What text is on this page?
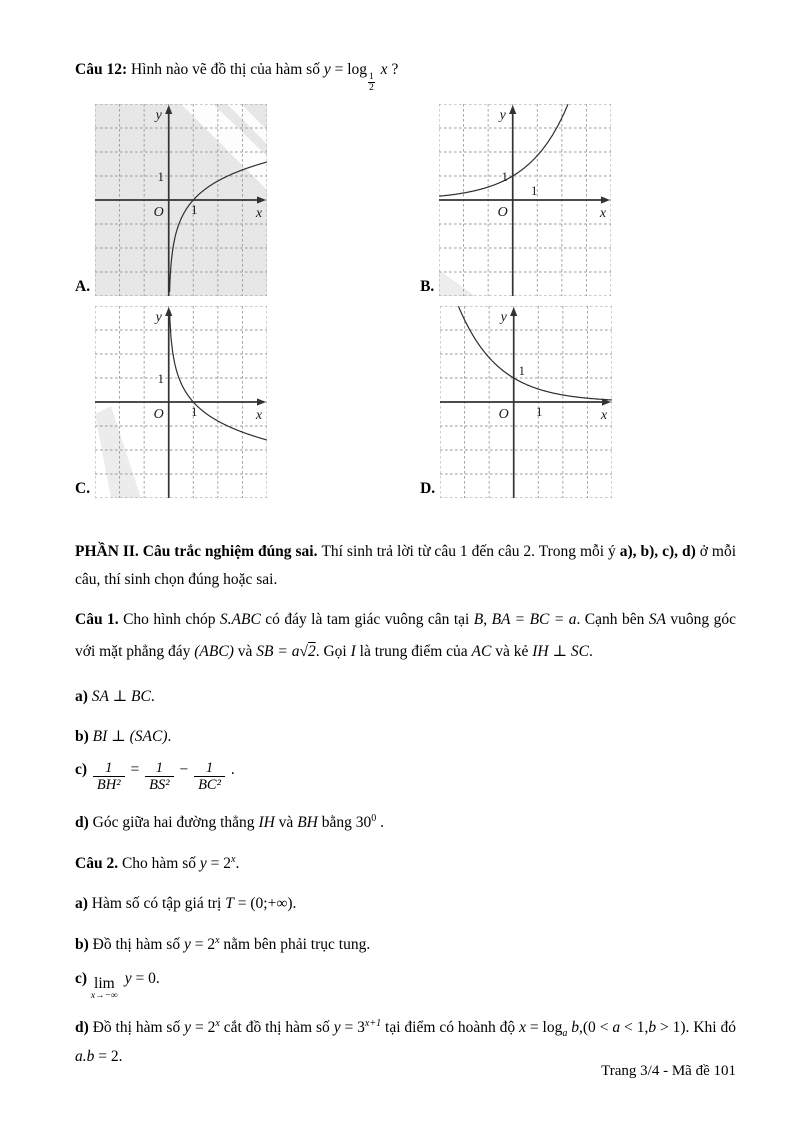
Câu 12: Hình nào vẽ đồ thị của hàm số y = log
$\frac{1}{2}$
x ?

A.
y
x
O 1
1
B.
y
x
O
1
1
C.
y
x
O 1
1
D.
y
x
O 1
1

PHẦN II. Câu trắc nghiệm đúng sai. Thí sinh trả lời từ câu 1 đến câu 2. Trong mỗi ý a), b), c), d) ở mỗi câu, thí sinh chọn đúng hoặc sai.

Câu 1. Cho hình chóp S.ABC có đáy là tam giác vuông cân tại B, BA = BC = a. Cạnh bên SA vuông góc với mặt phẳng đáy (ABC) và SB = a√2. Gọi I là trung điểm của AC và kẻ IH ⊥ SC.

a) SA ⊥ BC.

b) BI ⊥ (SAC).

$c) \frac{1}{\text{BH²}} = \frac{1}{\text{BS²}} - \frac{1}{\text{BC²}}$ .

d) Góc giữa hai đường thẳng IH và BH bằng $30^0$ .

Câu 2. Cho hàm số $y = 2^x$.

a) Hàm số có tập giá trị T = (0;+∞).

b) Đồ thị hàm số $y = 2^x$ nằm bên phải trục tung.

c) lim
x→−∞
y = 0.

d) Đồ thị hàm số $y = 2^x$ cắt đồ thị hàm số $y = 3^{x+1}$ tại điểm có hoành độ $x = \log_a b,(0 < a < 1,b > 1)$. Khi đó a.b = 2.

Trang 3/4 - Mã đề 101
